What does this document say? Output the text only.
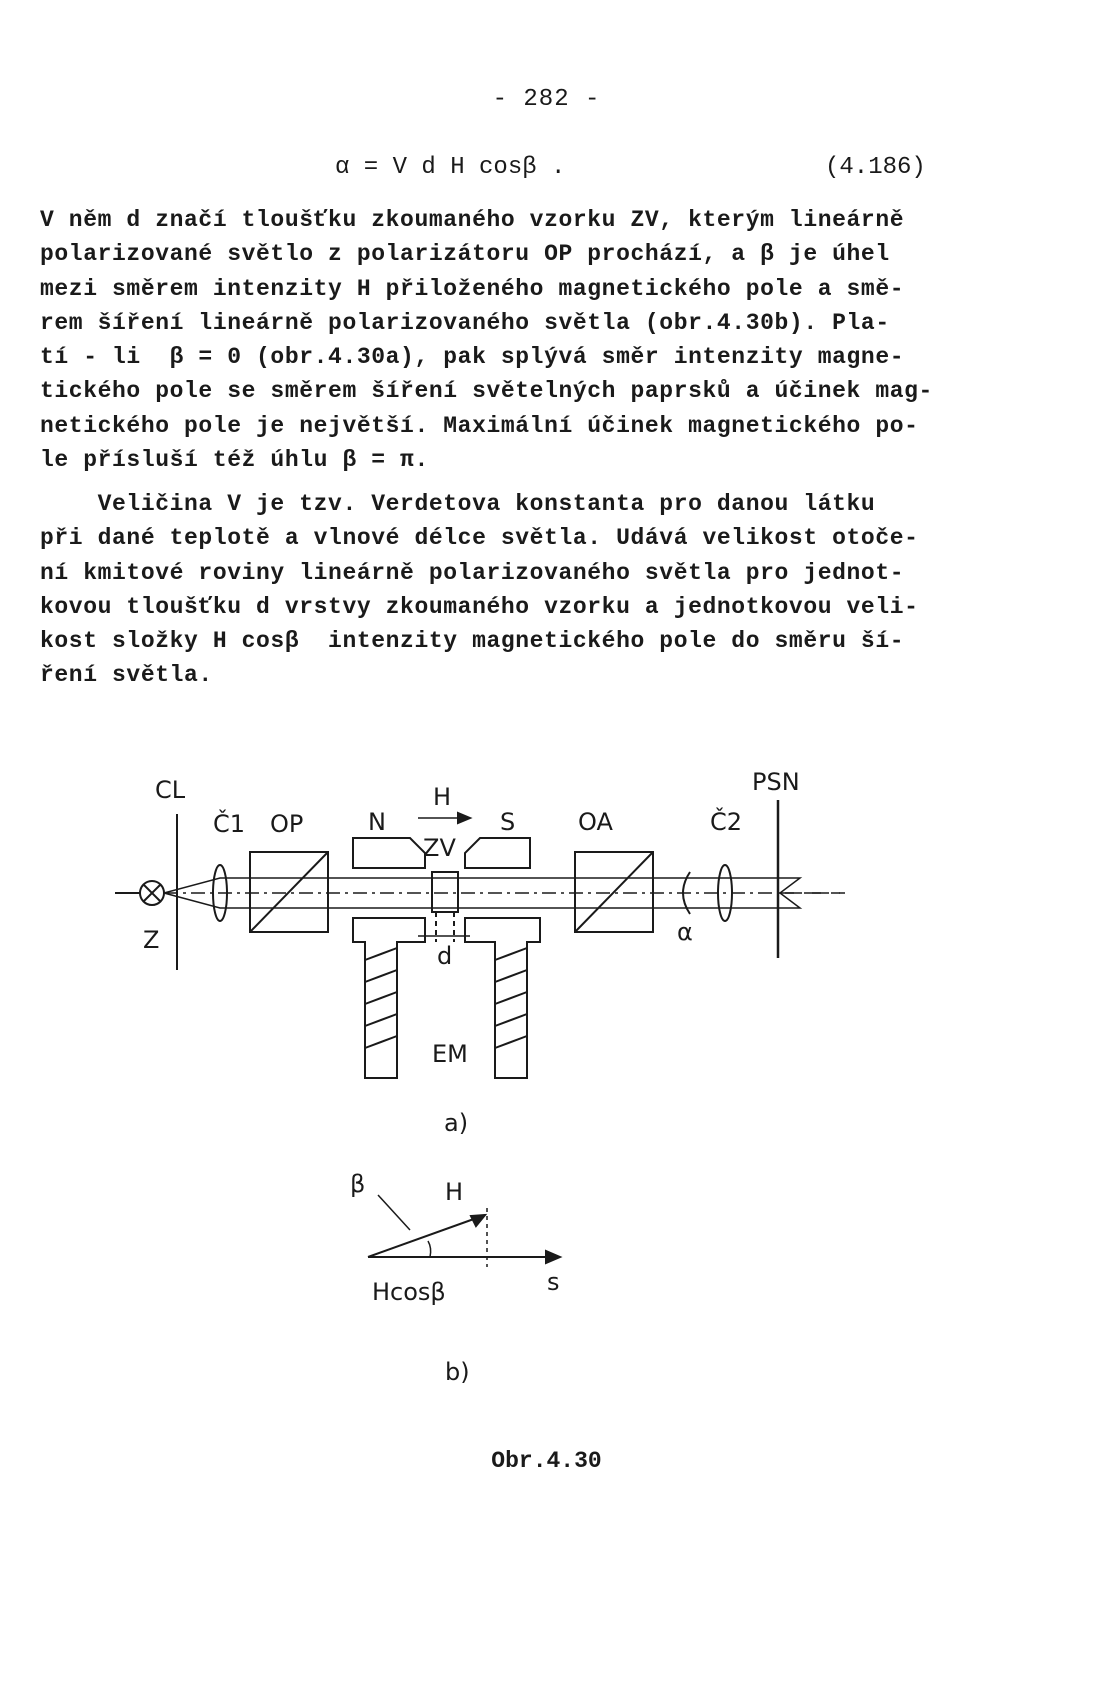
- 282 -
α = V d H cosβ .	(4.186)
V něm d značí tloušťku zkoumaného vzorku ZV, kterým lineárně
polarizované světlo z polarizátoru OP prochází, a β je úhel
mezi směrem intenzity H přiloženého magnetického pole a smě-
rem šíření lineárně polarizovaného světla (obr.4.30b). Pla-
tí - li  β = 0 (obr.4.30a), pak splývá směr intenzity magne-
tického pole se směrem šíření světelných paprsků a účinek mag-
netického pole je největší. Maximální účinek magnetického po-
le přísluší též úhlu β = π.
Veličina V je tzv. Verdetova konstanta pro danou látku
při dané teplotě a vlnové délce světla. Udává velikost otoče-
ní kmitové roviny lineárně polarizovaného světla pro jednot-
kovou tloušťku d vrstvy zkoumaného vzorku a jednotkovou veli-
kost složky H cosβ  intenzity magnetického pole do směru ší-
ření světla.
CL
Č1 OP	N
H
S
ZV
OA	Č2
PSN
Z	α
d
EM
a)
β	H
s
Hcosβ
b)
Obr.4.30
